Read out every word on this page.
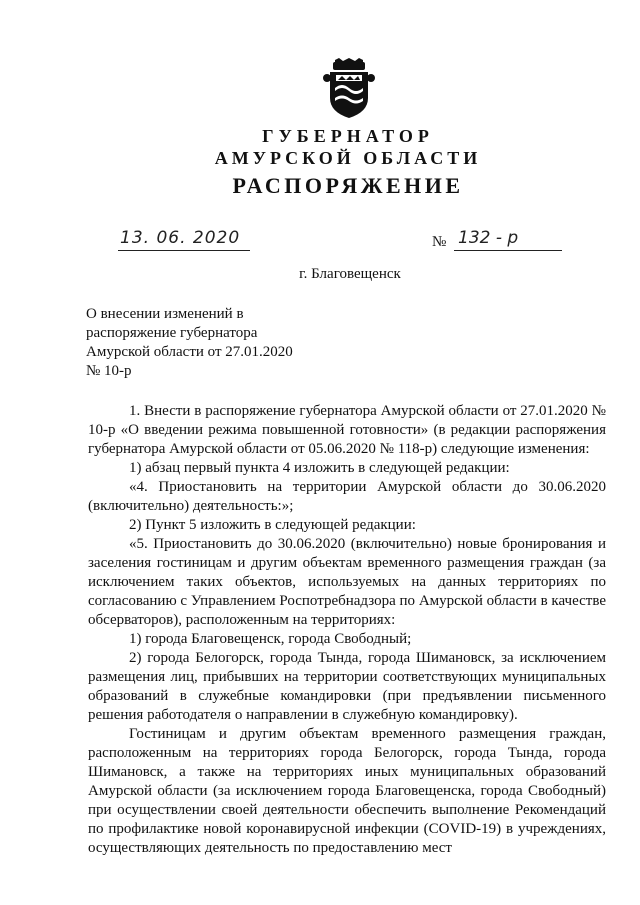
ГУБЕРНАТОР
АМУРСКОЙ ОБЛАСТИ
РАСПОРЯЖЕНИЕ
13. 06. 2020	№ 132 - р
г. Благовещенск
О внесении изменений в
распоряжение губернатора
Амурской области от 27.01.2020
№ 10-р

1. Внести в распоряжение губернатора Амурской области от 27.01.2020 № 10-р «О введении режима повышенной готовности» (в редакции распоряжения губернатора Амурской области от 05.06.2020 № 118-р) следующие изменения:

1) абзац первый пункта 4 изложить в следующей редакции:

«4. Приостановить на территории Амурской области до 30.06.2020 (включительно) деятельность:»;

2) Пункт 5 изложить в следующей редакции:

«5. Приостановить до 30.06.2020 (включительно) новые бронирования и заселения гостиницам и другим объектам временного размещения граждан (за исключением таких объектов, используемых на данных территориях по согласованию с Управлением Роспотребнадзора по Амурской области в качестве обсерваторов), расположенным на территориях:

1) города Благовещенск, города Свободный;

2) города Белогорск, города Тында, города Шимановск, за исключением размещения лиц, прибывших на территории соответствующих муниципальных образований в служебные командировки (при предъявлении письменного решения работодателя о направлении в служебную командировку).

Гостиницам и другим объектам временного размещения граждан, расположенным на территориях города Белогорск, города Тында, города Шимановск, а также на территориях иных муниципальных образований Амурской области (за исключением города Благовещенска, города Свободный) при осуществлении своей деятельности обеспечить выполнение Рекомендаций по профилактике новой коронавирусной инфекции (COVID-19) в учреждениях, осуществляющих деятельность по предоставлению мест
